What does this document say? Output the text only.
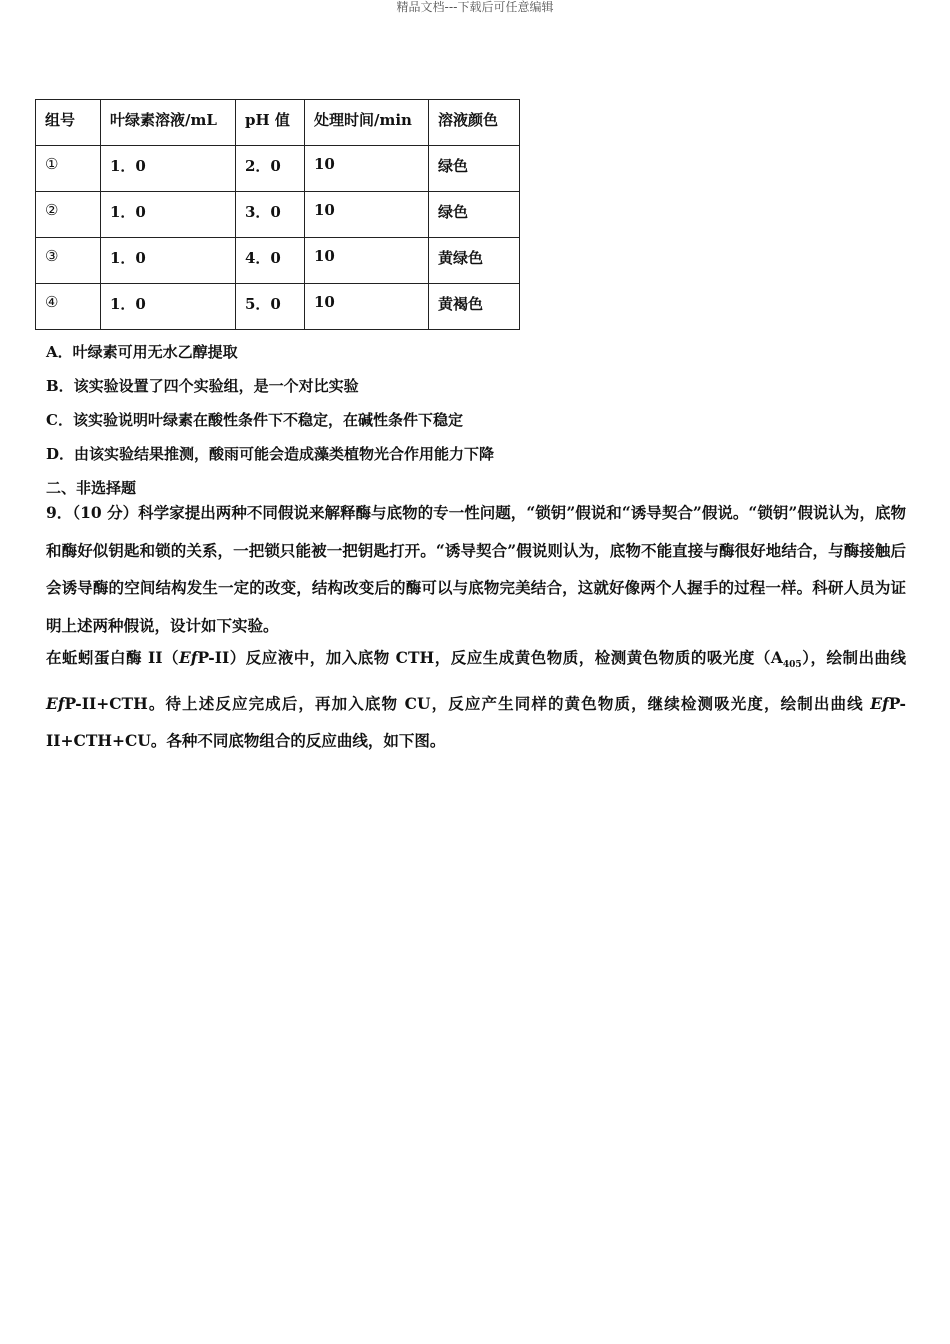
精品文档---下载后可任意编辑
组号	叶绿素溶液/mL	pH 值	处理时间/min	溶液颜色
①	1．0	2．0	10	绿色
②	1．0	3．0	10	绿色
③	1．0	4．0	10	黄绿色
④	1．0	5．0	10	黄褐色
A．叶绿素可用无水乙醇提取
B．该实验设置了四个实验组，是一个对比实验
C．该实验说明叶绿素在酸性条件下不稳定，在碱性条件下稳定
D．由该实验结果推测，酸雨可能会造成藻类植物光合作用能力下降
二、非选择题
9．（10 分）科学家提出两种不同假说来解释酶与底物的专一性问题，“锁钥”假说和“诱导契合”假说。“锁钥”假说认为，底物和酶好似钥匙和锁的关系，一把锁只能被一把钥匙打开。“诱导契合”假说则认为，底物不能直接与酶很好地结合，与酶接触后会诱导酶的空间结构发生一定的改变，结构改变后的酶可以与底物完美结合，这就好像两个人握手的过程一样。科研人员为证明上述两种假说，设计如下实验。
在蚯蚓蛋白酶 II（EfP-II）反应液中，加入底物 CTH，反应生成黄色物质，检测黄色物质的吸光度$(A_{405})$，绘制出曲线 EfP-II+CTH。待上述反应完成后，再加入底物 CU，反应产生同样的黄色物质，继续检测吸光度，绘制出曲线 EfP-II+CTH+CU。各种不同底物组合的反应曲线，如下图。
